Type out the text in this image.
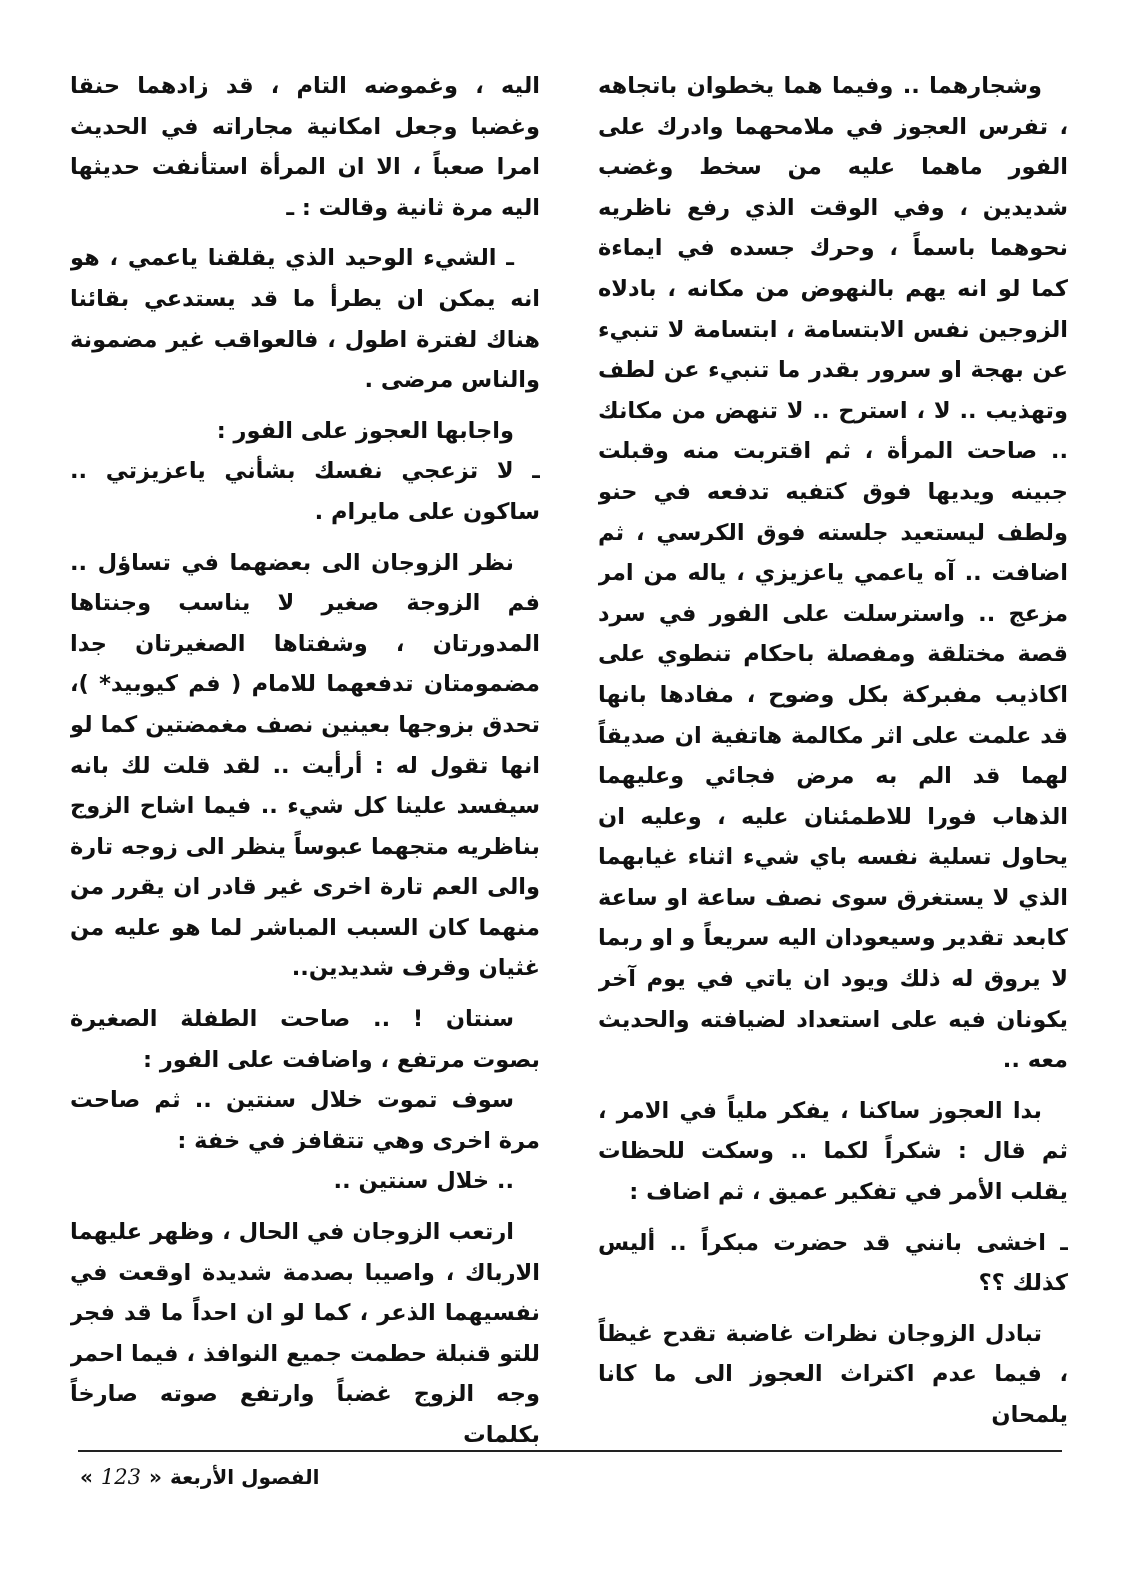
وشجارهما .. وفيما هما يخطوان باتجاهه ، تفرس العجوز في ملامحهما وادرك على الفور ماهما عليه من سخط وغضب شديدين ، وفي الوقت الذي رفع ناظريه نحوهما باسماً ، وحرك جسده في ايماءة كما لو انه يهم بالنهوض من مكانه ، بادلاه الزوجين نفس الابتسامة ، ابتسامة لا تنبيء عن بهجة او سرور بقدر ما تنبيء عن لطف وتهذيب .. لا ، استرح .. لا تنهض من مكانك .. صاحت المرأة ، ثم اقتربت منه وقبلت جبينه ويديها فوق كتفيه تدفعه في حنو ولطف ليستعيد جلسته فوق الكرسي ، ثم اضافت .. آه ياعمي ياعزيزي ، ياله من امر مزعج .. واسترسلت على الفور في سرد قصة مختلقة ومفصلة باحكام تنطوي على اكاذيب مفبركة بكل وضوح ، مفادها بانها قد علمت على اثر مكالمة هاتفية ان صديقاً لهما قد الم به مرض فجائي وعليهما الذهاب فورا للاطمئنان عليه ، وعليه ان يحاول تسلية نفسه باي شيء اثناء غيابهما الذي لا يستغرق سوى نصف ساعة او ساعة كابعد تقدير وسيعودان اليه سريعاً و او ربما لا يروق له ذلك ويود ان ياتي في يوم آخر يكونان فيه على استعداد لضيافته والحديث معه ..

بدا العجوز ساكنا ، يفكر ملياً في الامر ، ثم قال : شكراً لكما .. وسكت للحظات يقلب الأمر في تفكير عميق ، ثم اضاف :

ـ اخشى بانني قد حضرت مبكراً .. أليس كذلك ؟؟

تبادل الزوجان نظرات غاضبة تقدح غيظاً ، فيما عدم اكتراث العجوز الى ما كانا يلمحان

اليه ، وغموضه التام ، قد زادهما حنقا وغضبا وجعل امكانية مجاراته في الحديث امرا صعباً ، الا ان المرأة استأنفت حديثها اليه مرة ثانية وقالت : ـ

ـ الشيء الوحيد الذي يقلقنا ياعمي ، هو انه يمكن ان يطرأ ما قد يستدعي بقائنا هناك لفترة اطول ، فالعواقب غير مضمونة والناس مرضى .

واجابها العجوز على الفور :

ـ لا تزعجي نفسك بشأني ياعزيزتي .. ساكون على مايرام .

نظر الزوجان الى بعضهما في تساؤل .. فم الزوجة صغير لا يناسب وجنتاها المدورتان ، وشفتاها الصغيرتان جدا مضمومتان تدفعهما للامام ( فم كيوبيد* )، تحدق بزوجها بعينين نصف مغمضتين كما لو انها تقول له : أرأيت .. لقد قلت لك بانه سيفسد علينا كل شيء .. فيما اشاح الزوج بناظريه متجهما عبوساً ينظر الى زوجه تارة والى العم تارة اخرى غير قادر ان يقرر من منهما كان السبب المباشر لما هو عليه من غثيان وقرف شديدين..

سنتان ! .. صاحت الطفلة الصغيرة بصوت مرتفع ، واضافت على الفور :

سوف تموت خلال سنتين .. ثم صاحت مرة اخرى وهي تتقافز في خفة :

.. خلال سنتين ..

ارتعب الزوجان في الحال ، وظهر عليهما الارباك ، واصيبا بصدمة شديدة اوقعت في نفسيهما الذعر ، كما لو ان احداً ما قد فجر للتو قنبلة حطمت جميع النوافذ ، فيما احمر وجه الزوج غضباً وارتفع صوته صارخاً بكلمات

« 123 » الفصول الأربعة
